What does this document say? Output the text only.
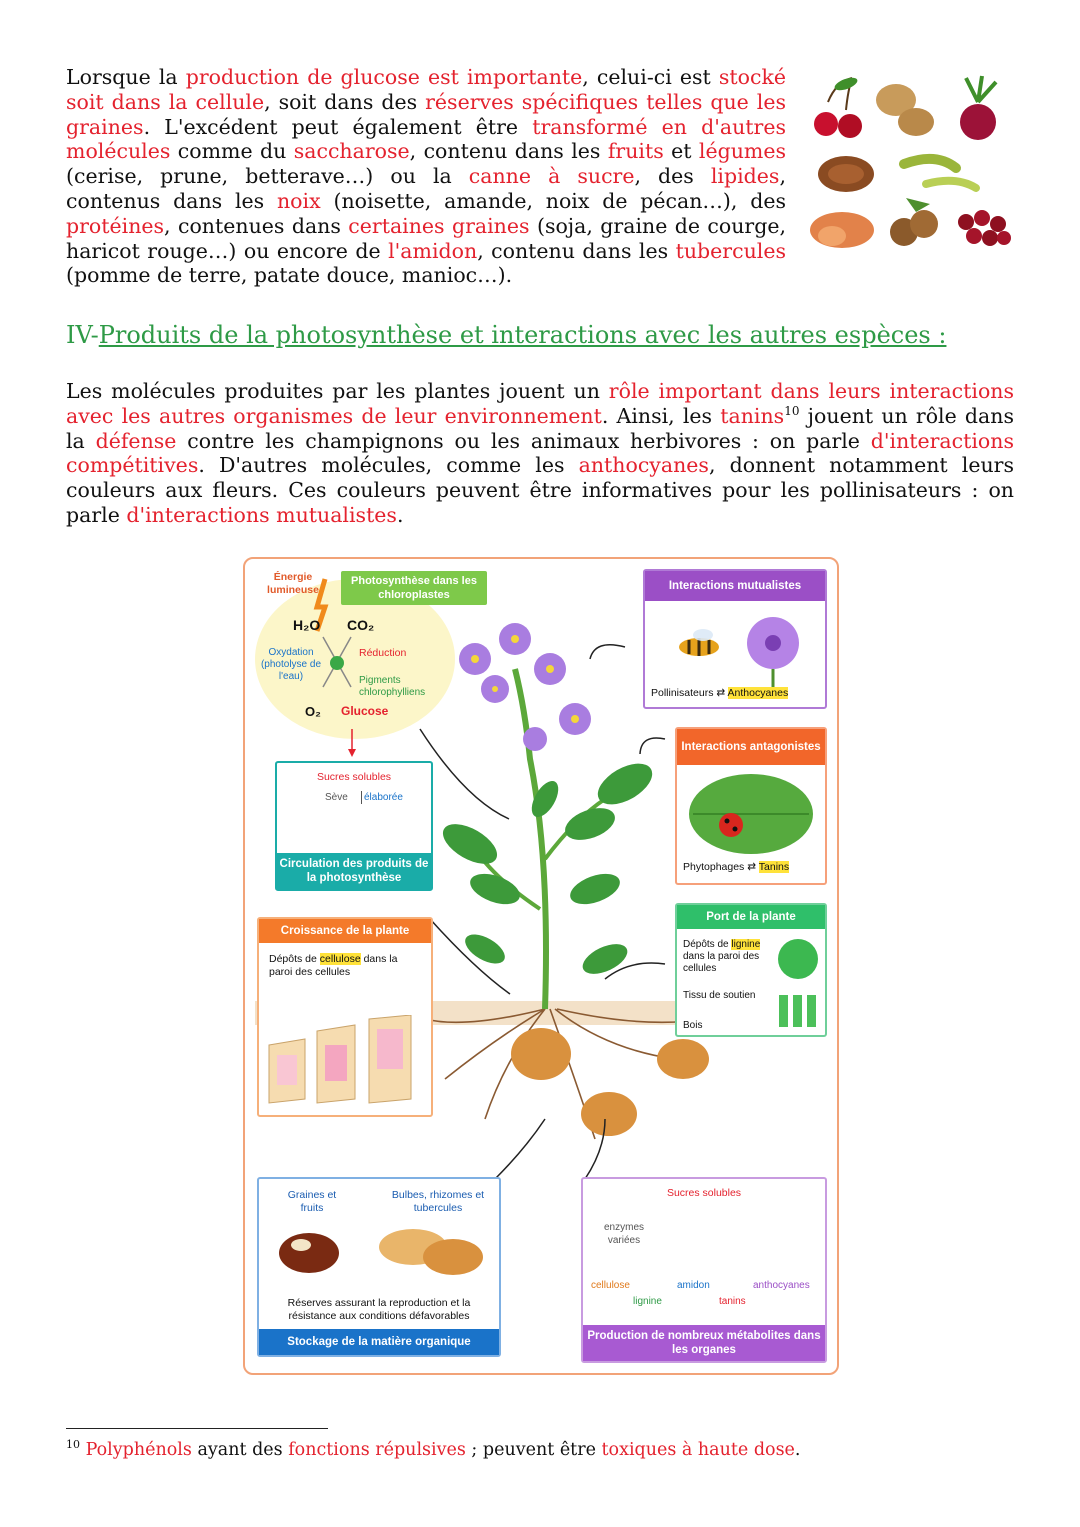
Lorsque la production de glucose est importante, celui-ci est stocké soit dans la cellule, soit dans des réserves spécifiques telles que les graines. L'excédent peut également être transformé en d'autres molécules comme du saccharose, contenu dans les fruits et légumes (cerise, prune, betterave…) ou la canne à sucre, des lipides, contenus dans les noix (noisette, amande, noix de pécan…), des protéines, contenues dans certaines graines (soja, graine de courge, haricot rouge…) ou encore de l'amidon, contenu dans les tubercules (pomme de terre, patate douce, manioc…).
IV-Produits de la photosynthèse et interactions avec les autres espèces :
Les molécules produites par les plantes jouent un rôle important dans leurs interactions avec les autres organismes de leur environnement. Ainsi, les tanins$^{10}$ jouent un rôle dans la défense contre les champignons ou les animaux herbivores : on parle d'interactions compétitives. D'autres molécules, comme les anthocyanes, donnent notamment leurs couleurs aux fleurs. Ces couleurs peuvent être informatives pour les pollinisateurs : on parle d'interactions mutualistes.
Énergie lumineuse
Photosynthèse dans les chloroplastes
H₂O CO₂
Oxydation (photolyse de l'eau)
Réduction
Pigments chlorophylliens
O₂ Glucose
Sucres solubles
Sève	élaborée
Circulation des produits de la photosynthèse
Croissance de la plante
Dépôts de cellulose dans la paroi des cellules
Interactions mutualistes
Pollinisateurs ⇄ Anthocyanes
Interactions antagonistes
Phytophages ⇄ Tanins
Port de la plante
Dépôts de lignine dans la paroi des cellules
Tissu de soutien
Bois
Graines et fruits
Bulbes, rhizomes et tubercules
Réserves assurant la reproduction et la résistance aux conditions défavorables
Stockage de la matière organique
Sucres solubles
enzymes variées
cellulose
lignine
amidon
tanins
anthocyanes
Production de nombreux métabolites dans les organes
$^{10}$ Polyphénols ayant des fonctions répulsives ; peuvent être toxiques à haute dose.
